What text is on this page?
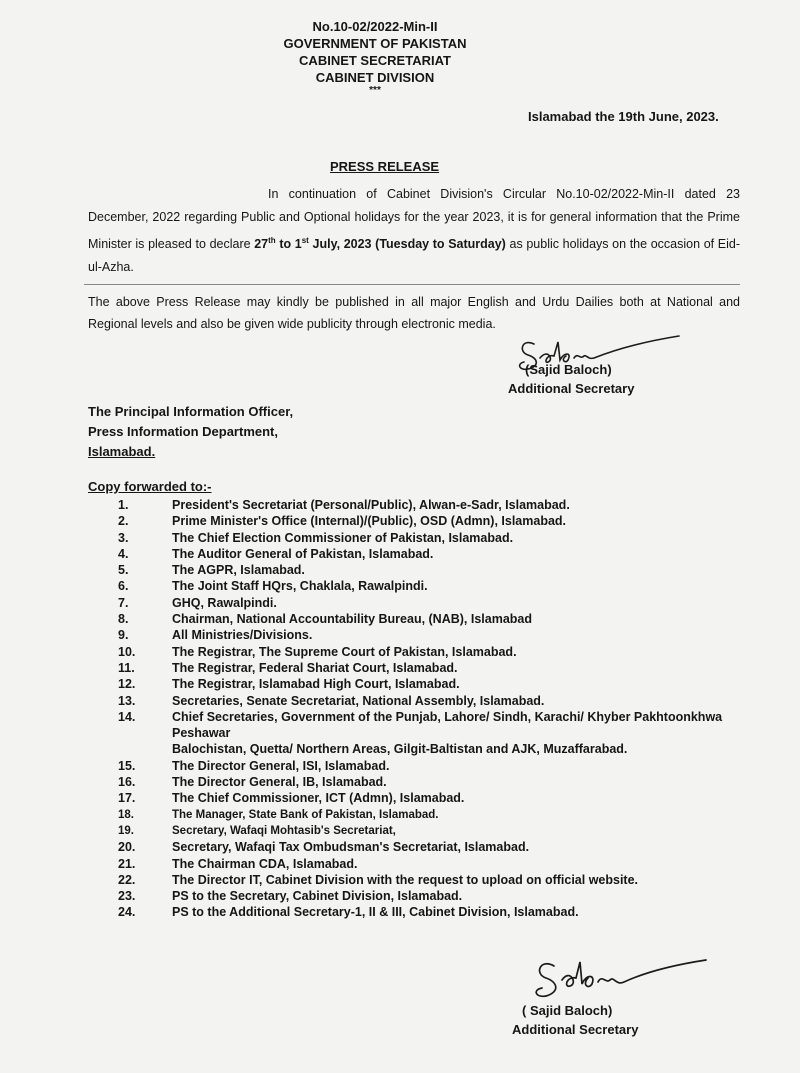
No.10-02/2022-Min-II
GOVERNMENT OF PAKISTAN
CABINET SECRETARIAT
CABINET DIVISION
***
Islamabad the 19th June, 2023.
PRESS RELEASE

In continuation of Cabinet Division's Circular No.10-02/2022-Min-II dated 23 December, 2022 regarding Public and Optional holidays for the year 2023, it is for general information that the Prime Minister is pleased to declare 27th to 1st July, 2023 (Tuesday to Saturday) as public holidays on the occasion of Eid-ul-Azha.

The above Press Release may kindly be published in all major English and Urdu Dailies both at National and Regional levels and also be given wide publicity through electronic media.

(Sajid Baloch)
Additional Secretary
The Principal Information Officer,
Press Information Department,
Islamabad.
Copy forwarded to:-
1.	President's Secretariat (Personal/Public), Alwan-e-Sadr, Islamabad.
2.	Prime Minister's Office (Internal)/(Public), OSD (Admn), Islamabad.
3.	The Chief Election Commissioner of Pakistan, Islamabad.
4.	The Auditor General of Pakistan, Islamabad.
5.	The AGPR, Islamabad.
6.	The Joint Staff HQrs, Chaklala, Rawalpindi.
7.	GHQ, Rawalpindi.
8.	Chairman, National Accountability Bureau, (NAB), Islamabad
9.	All Ministries/Divisions.
10.	The Registrar, The Supreme Court of Pakistan, Islamabad.
11.	The Registrar, Federal Shariat Court, Islamabad.
12.	The Registrar, Islamabad High Court, Islamabad.
13.	Secretaries, Senate Secretariat, National Assembly, Islamabad.
14.	Chief Secretaries, Government of the Punjab, Lahore/ Sindh, Karachi/ Khyber Pakhtoonkhwa Peshawar
Balochistan, Quetta/ Northern Areas, Gilgit-Baltistan and AJK, Muzaffarabad.
15.	The Director General, ISI, Islamabad.
16.	The Director General, IB, Islamabad.
17.	The Chief Commissioner, ICT (Admn), Islamabad.
18.	The Manager, State Bank of Pakistan, Islamabad.
19.	Secretary, Wafaqi Mohtasib's Secretariat,
20.	Secretary, Wafaqi Tax Ombudsman's Secretariat, Islamabad.
21.	The Chairman CDA, Islamabad.
22.	The Director IT, Cabinet Division with the request to upload on official website.
23.	PS to the Secretary, Cabinet Division, Islamabad.
24.	PS to the Additional Secretary-1, II & III, Cabinet Division, Islamabad.
( Sajid Baloch)
Additional Secretary
